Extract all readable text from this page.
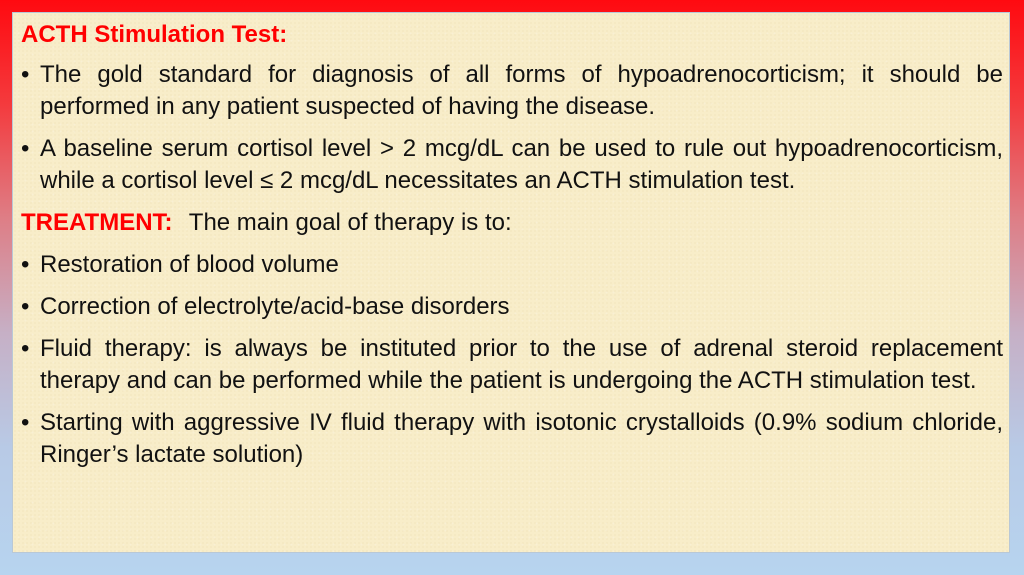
ACTH Stimulation Test:
• The gold standard for diagnosis of all forms of hypoadrenocorticism; it should be performed in any patient suspected of having the disease.
• A baseline serum cortisol level > 2 mcg/dL can be used to rule out hypoadrenocorticism, while a cortisol level ≤ 2 mcg/dL necessitates an ACTH stimulation test.
TREATMENT: The main goal of therapy is to:
• Restoration of blood volume
• Correction of electrolyte/acid-base disorders
• Fluid therapy: is always be instituted prior to the use of adrenal steroid replacement therapy and can be performed while the patient is undergoing the ACTH stimulation test.
• Starting with aggressive IV fluid therapy with isotonic crystalloids (0.9% sodium chloride, Ringer’s lactate solution)
